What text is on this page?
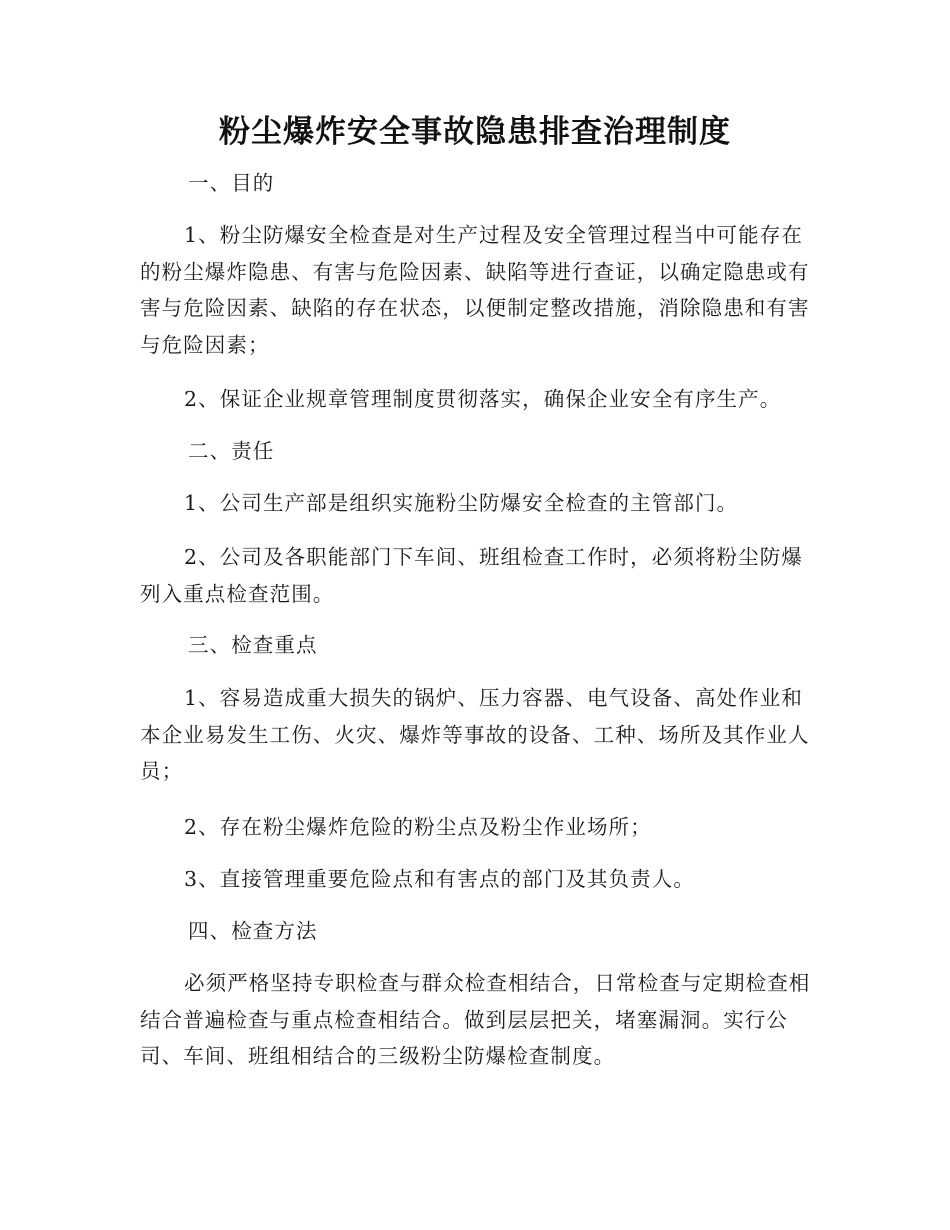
粉尘爆炸安全事故隐患排查治理制度
一、目的
1、粉尘防爆安全检查是对生产过程及安全管理过程当中可能存在的粉尘爆炸隐患、有害与危险因素、缺陷等进行查证，以确定隐患或有害与危险因素、缺陷的存在状态，以便制定整改措施，消除隐患和有害与危险因素；
2、保证企业规章管理制度贯彻落实，确保企业安全有序生产。
二、责任
1、公司生产部是组织实施粉尘防爆安全检查的主管部门。
2、公司及各职能部门下车间、班组检查工作时，必须将粉尘防爆列入重点检查范围。
三、检查重点
1、容易造成重大损失的锅炉、压力容器、电气设备、高处作业和本企业易发生工伤、火灾、爆炸等事故的设备、工种、场所及其作业人员；
2、存在粉尘爆炸危险的粉尘点及粉尘作业场所；
3、直接管理重要危险点和有害点的部门及其负责人。
四、检查方法
必须严格坚持专职检查与群众检查相结合，日常检查与定期检查相结合普遍检查与重点检查相结合。做到层层把关，堵塞漏洞。实行公司、车间、班组相结合的三级粉尘防爆检查制度。
